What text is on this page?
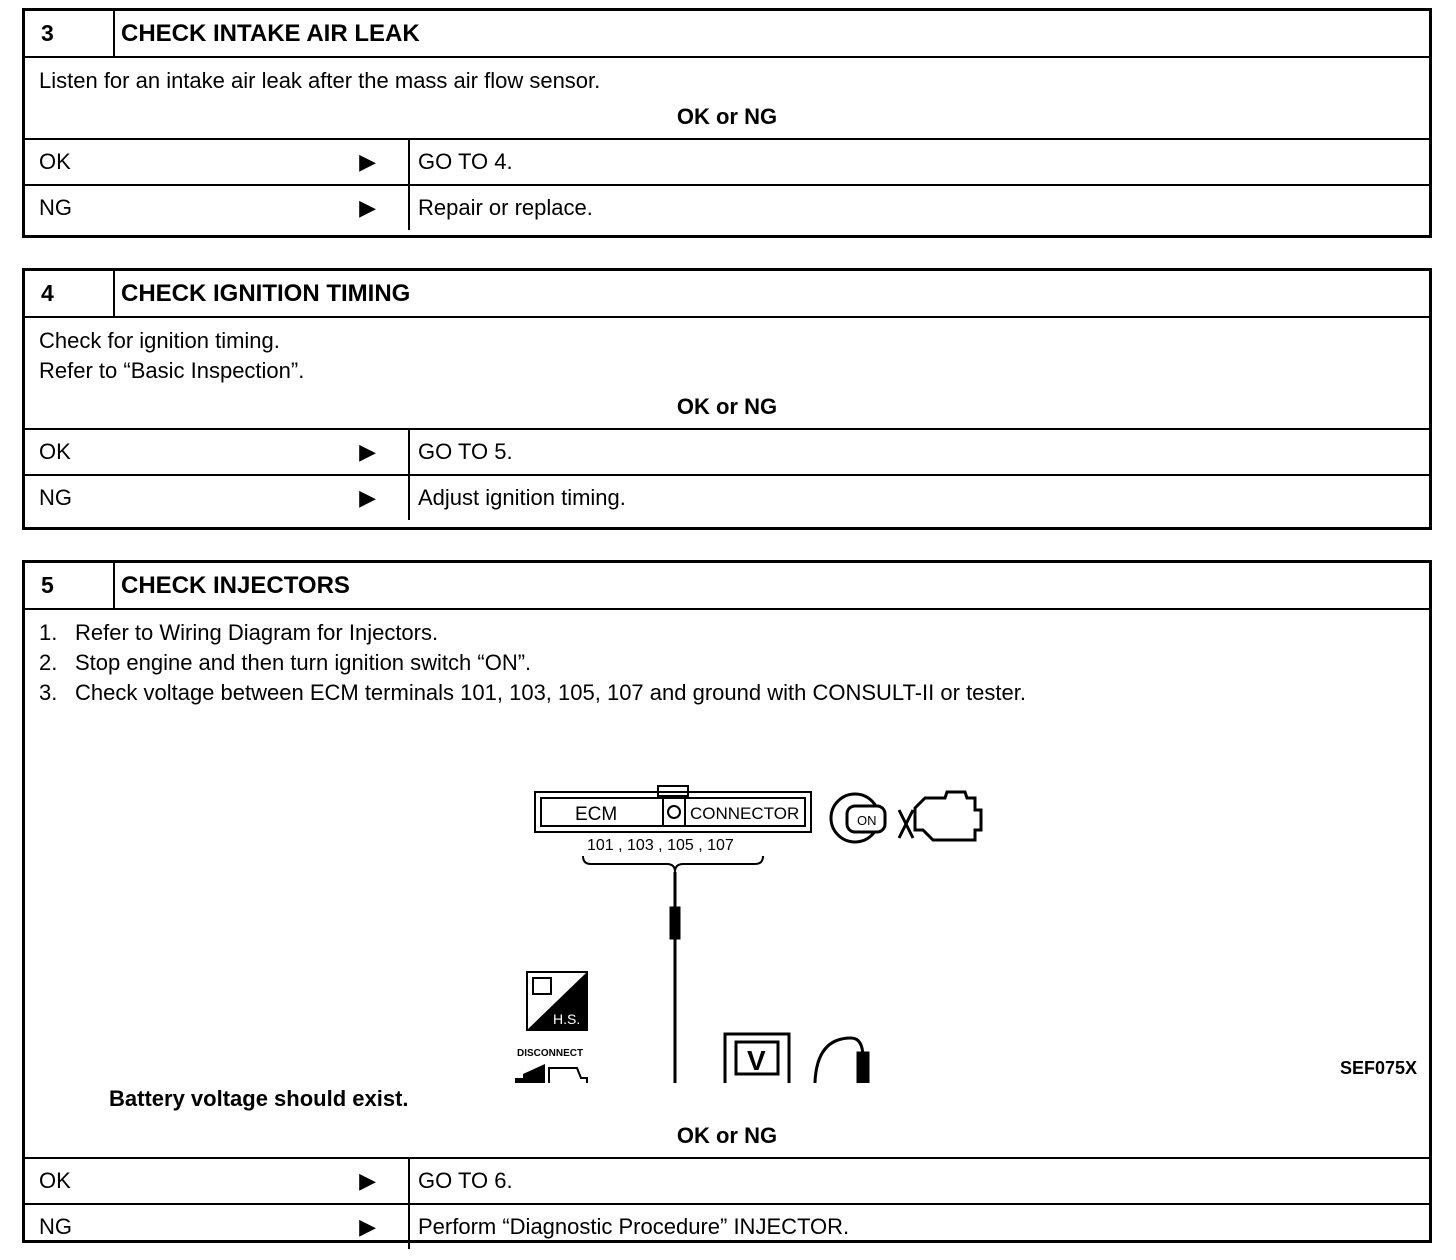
3	CHECK INTAKE AIR LEAK
Listen for an intake air leak after the mass air flow sensor.
OK or NG
OK	▶	GO TO 4.
NG	▶	Repair or replace.
4	CHECK IGNITION TIMING
Check for ignition timing.
Refer to “Basic Inspection”.
OK or NG
OK	▶	GO TO 5.
NG	▶	Adjust ignition timing.
5	CHECK INJECTORS
1. Refer to Wiring Diagram for Injectors.
2. Stop engine and then turn ignition switch “ON”.
3. Check voltage between ECM terminals 101, 103, 105, 107 and ground with CONSULT-II or tester.
ECM	CONNECTOR
101 , 103 , 105 , 107
ON
V
H.S.
DISCONNECT
SEF075X
Battery voltage should exist.
OK or NG
OK	▶	GO TO 6.
NG	▶	Perform “Diagnostic Procedure” INJECTOR.
